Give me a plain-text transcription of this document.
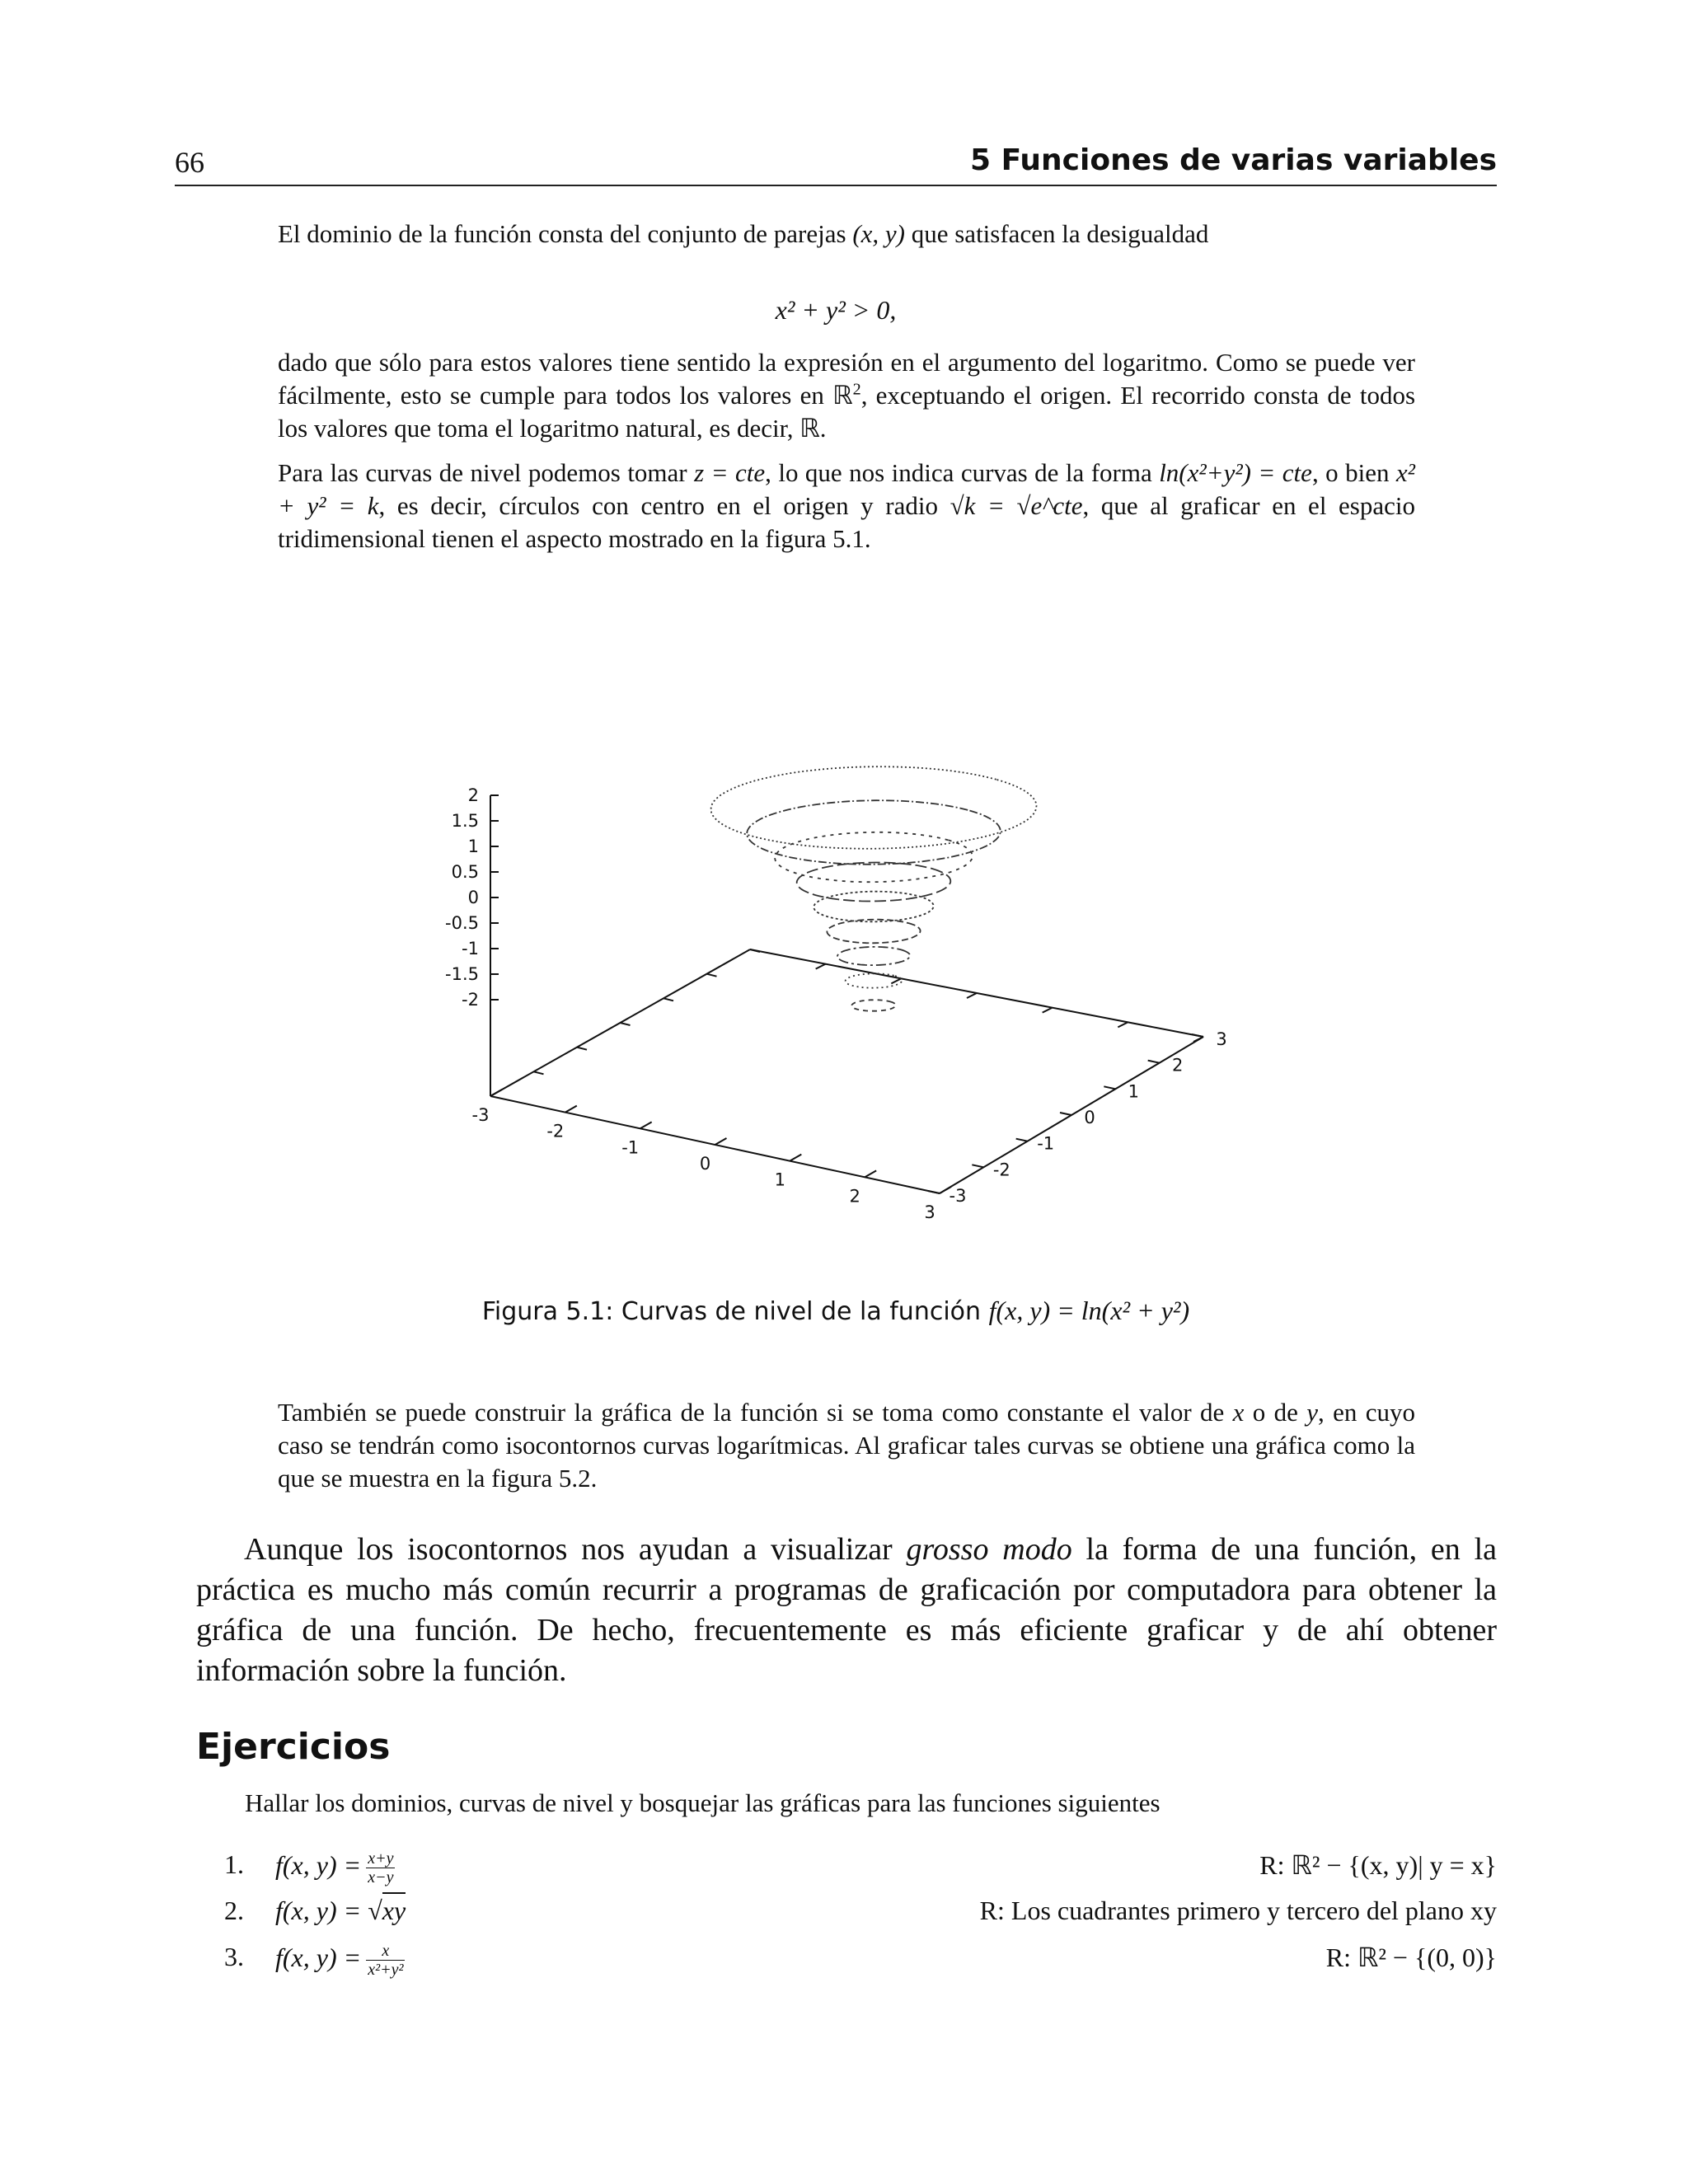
66	5 Funciones de varias variables

El dominio de la función consta del conjunto de parejas (x, y) que satisfacen la desigualdad

x² + y² > 0,

dado que sólo para estos valores tiene sentido la expresión en el argumento del logaritmo. Como se puede ver fácilmente, esto se cumple para todos los valores en ℝ$^2$, exceptuando el origen. El recorrido consta de todos los valores que toma el logaritmo natural, es decir, ℝ.

Para las curvas de nivel podemos tomar z = cte, lo que nos indica curvas de la forma ln(x²+y²) = cte, o bien x² + y² = k, es decir, círculos con centro en el origen y radio √k = √e^cte, que al graficar en el espacio tridimensional tienen el aspecto mostrado en la figura 5.1.

2
1.5
1
0.5
0
-0.5
-1
-1.5
-2
-3
-2
-1
0
1
2
3
-3
-2
-1
0
1
2
3
Figura 5.1: Curvas de nivel de la función f(x, y) = ln(x² + y²)

También se puede construir la gráfica de la función si se toma como constante el valor de x o de y, en cuyo caso se tendrán como isocontornos curvas logarítmicas. Al graficar tales curvas se obtiene una gráfica como la que se muestra en la figura 5.2.

Aunque los isocontornos nos ayudan a visualizar grosso modo la forma de una función, en la práctica es mucho más común recurrir a programas de graficación por computadora para obtener la gráfica de una función. De hecho, frecuentemente es más eficiente graficar y de ahí obtener información sobre la función.

Ejercicios
Hallar los dominios, curvas de nivel y bosquejar las gráficas para las funciones siguientes
1. f(x, $y) = \frac{x+y}{x-y}$	R: ℝ² − {(x, y)| y = x}
2. f(x, y) = √xy	R: Los cuadrantes primero y tercero del plano xy
3. f(x, $y) = \frac{x}{\text{x²+y²}}$	R: ℝ² − {(0, 0)}
